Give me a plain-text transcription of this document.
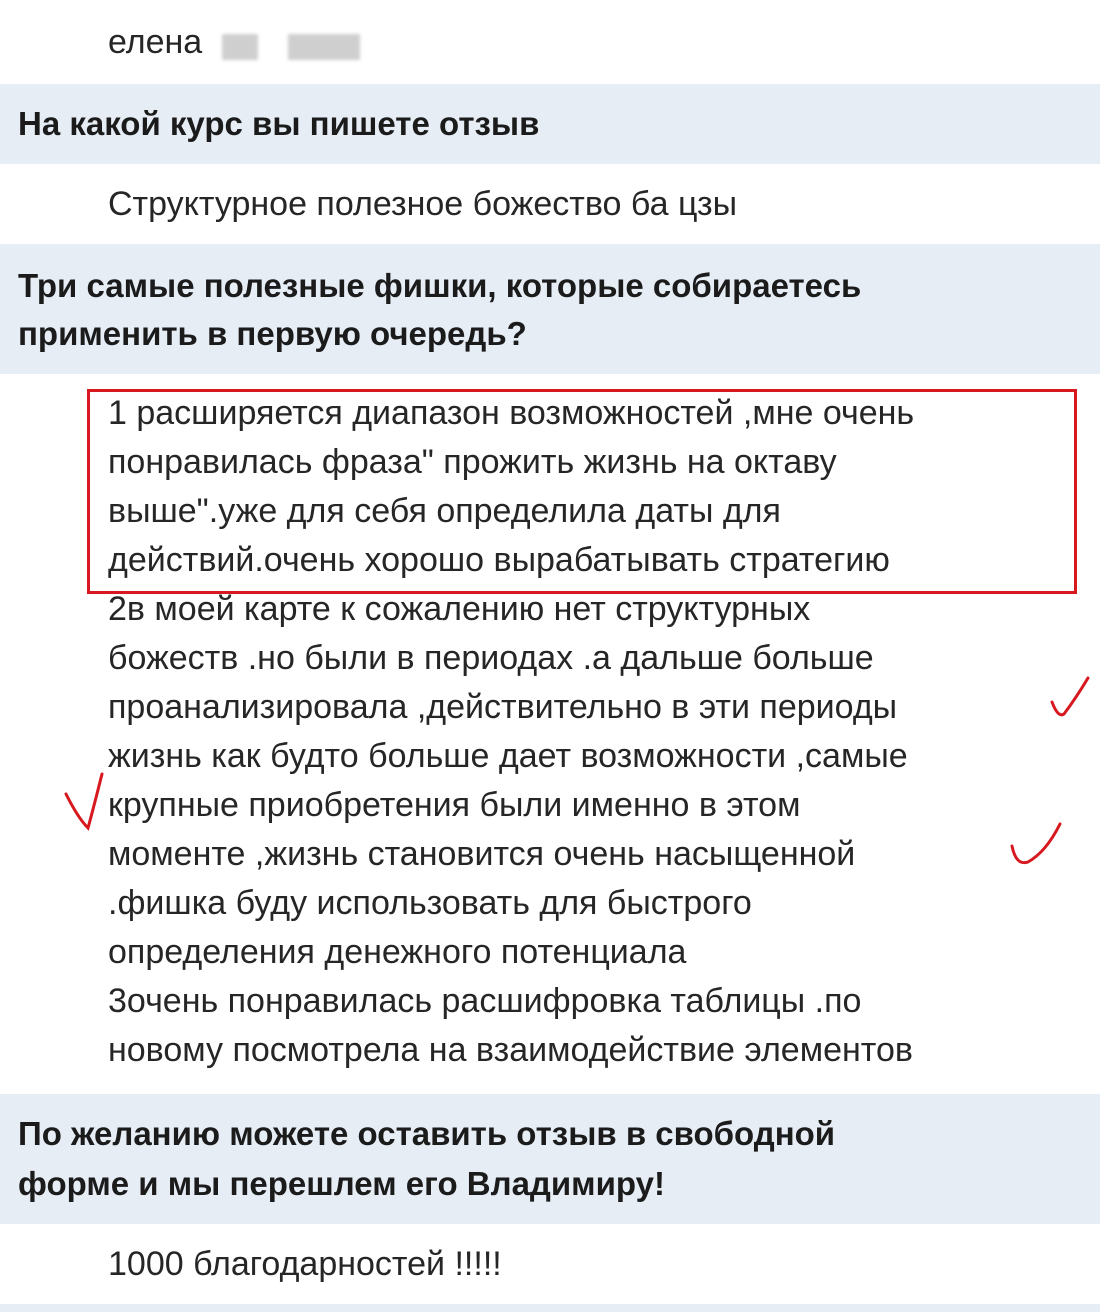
елена
На какой курс вы пишете отзыв
Структурное полезное божество ба цзы
Три самые полезные фишки, которые собираетесь
применить в первую очередь?
1 расширяется диапазон возможностей ,мне очень
понравилась фраза" прожить жизнь на октаву
выше".уже для себя определила даты для
действий.очень хорошо вырабатывать стратегию
2в моей карте к сожалению нет структурных
божеств .но были в периодах .а дальше больше
проанализировала ,действительно в эти периоды
жизнь как будто больше дает возможности ,самые
крупные приобретения были именно в этом
моменте ,жизнь становится очень насыщенной
.фишка буду использовать для быстрого
определения денежного потенциала
3очень понравилась расшифровка таблицы .по
новому посмотрела на взаимодействие элементов
По желанию можете оставить отзыв в свободной
форме и мы перешлем его Владимиру!
1000 благодарностей !!!!!
